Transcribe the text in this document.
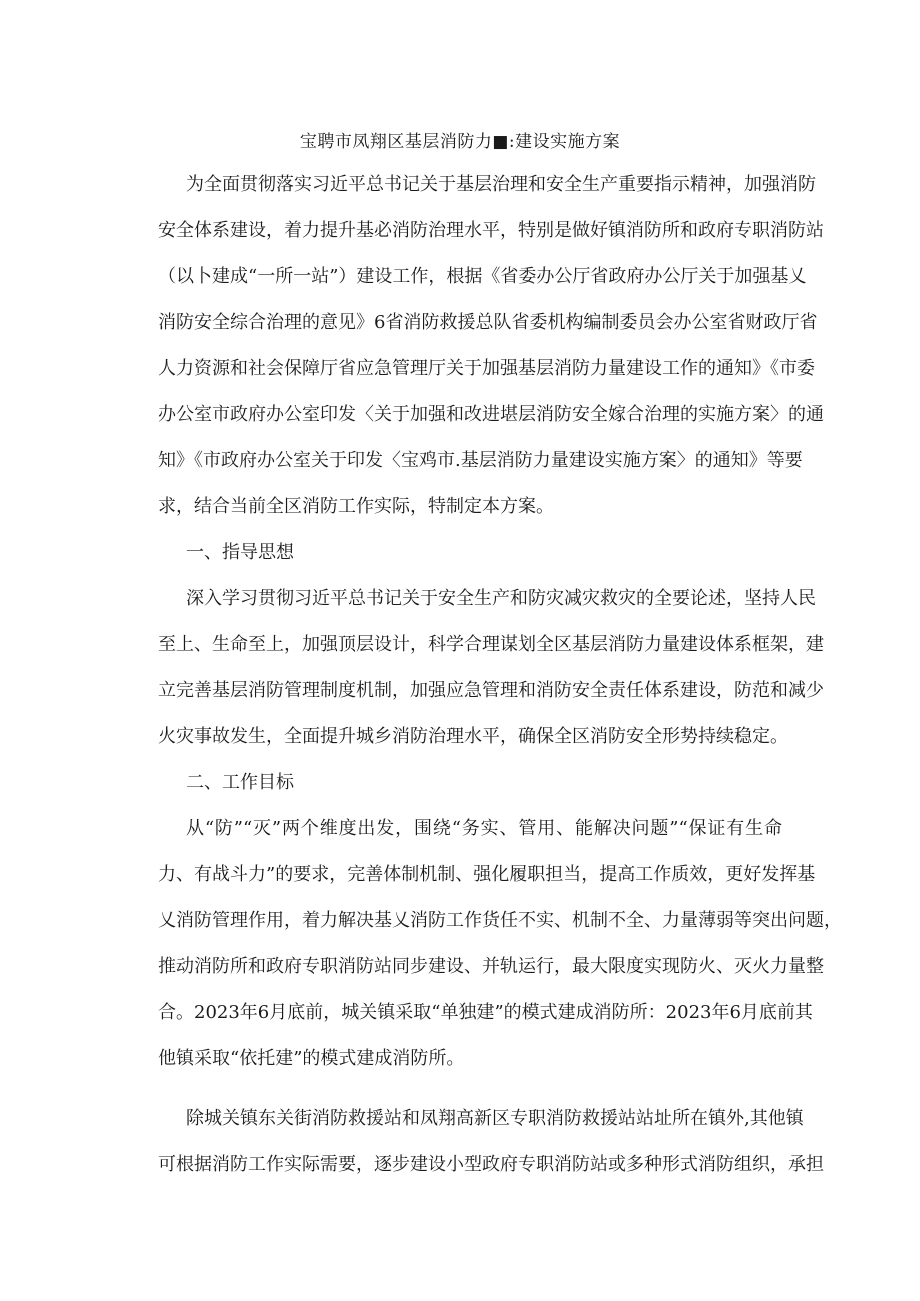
宝聘市凤翔区基层消防力■:建设实施方案
为全面贯彻落实习近平总书记关于基层治理和安全生产重要指示精神，加强消防
安全体系建设，着力提升基必消防治理水平，特别是做好镇消防所和政府专职消防站
（以卜建成“一所一站”）建设工作，根据《省委办公厅省政府办公厅关于加强基乂
消防安全综合治理的意见》6省消防救援总队省委机构编制委员会办公室省财政厅省
人力资源和社会保障厅省应急管理厅关于加强基层消防力量建设工作的通知》《市委
办公室市政府办公室印发〈关于加强和改进堪层消防安全嫁合治理的实施方案〉的通
知》《市政府办公室关于印发〈宝鸡市.基层消防力量建设实施方案〉的通知》等要
求，结合当前全区消防工作实际，特制定本方案。
一、指导思想
深入学习贯彻习近平总书记关于安全生产和防灾减灾救灾的全要论述，坚持人民
至上、生命至上，加强顶层设计，科学合理谋划全区基层消防力量建设体系框架，建
立完善基层消防管理制度机制，加强应急管理和消防安全责任体系建设，防范和减少
火灾事故发生，全面提升城乡消防治理水平，确保全区消防安全形势持续稳定。
二、工作目标
从“防”“灭”两个维度出发，围绕“务实、管用、能解决问题”“保证有生命
力、有战斗力”的要求，完善体制机制、强化履职担当，提高工作质效，更好发挥基
乂消防管理作用，着力解决基乂消防工作货任不实、机制不全、力量薄弱等突出问题，
推动消防所和政府专职消防站同步建设、并轨运行，最大限度实现防火、灭火力量整
合。2023年6月底前，城关镇采取“单独建”的模式建成消防所：2023年6月底前其
他镇采取“依托建”的模式建成消防所。
除城关镇东关街消防救援站和凤翔高新区专职消防救援站站址所在镇外,其他镇
可根据消防工作实际需要，逐步建设小型政府专职消防站或多种形式消防组织，承担
